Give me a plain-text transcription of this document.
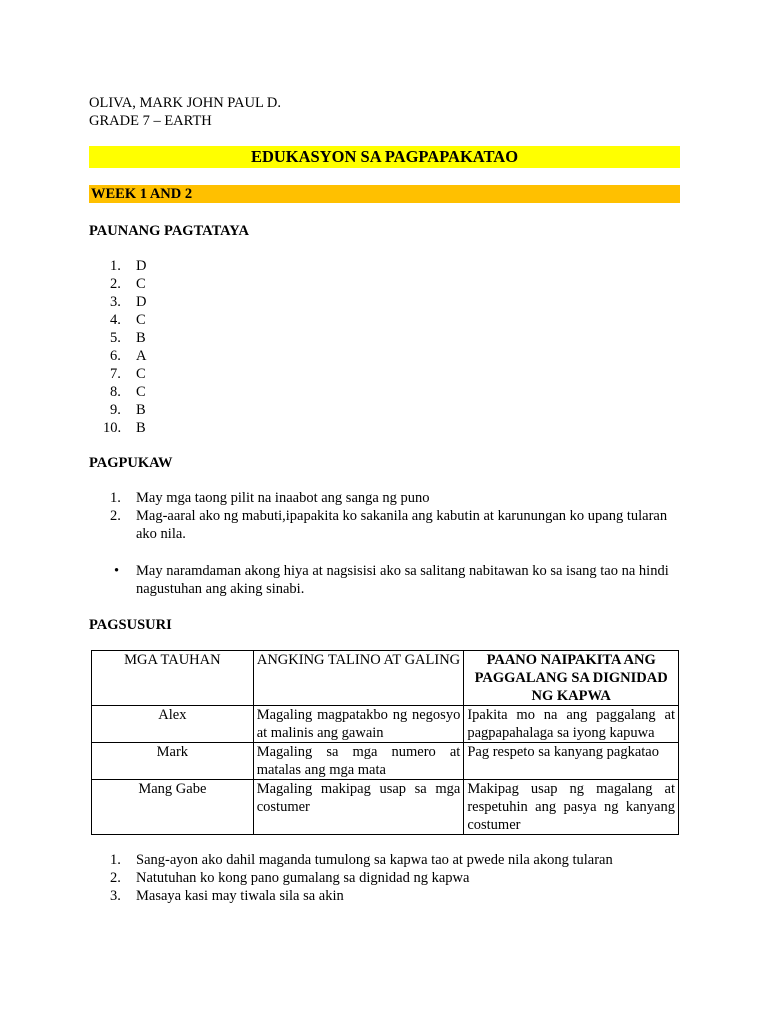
OLIVA, MARK JOHN PAUL D.
GRADE 7 – EARTH
EDUKASYON SA PAGPAPAKATAO
WEEK 1 AND 2
PAUNANG PAGTATAYA
1. D
2. C
3. D
4. C
5. B
6. A
7. C
8. C
9. B
10. B
PAGPUKAW
1. May mga taong pilit na inaabot ang sanga ng puno
2. Mag-aaral ako ng mabuti,ipapakita ko sakanila ang kabutin at karunungan ko upang tularan ako nila.
• May naramdaman akong hiya at nagsisisi ako sa salitang nabitawan ko sa isang tao na hindi nagustuhan ang aking sinabi.
PAGSUSURI
MGA TAUHAN	ANGKING TALINO AT GALING	PAANO NAIPAKITA ANG PAGGALANG SA DIGNIDAD NG KAPWA
Alex	Magaling magpatakbo ng negosyo at malinis ang gawain	Ipakita mo na ang paggalang at pagpapahalaga sa iyong kapuwa
Mark	Magaling sa mga numero at matalas ang mga mata	Pag respeto sa kanyang pagkatao
Mang Gabe	Magaling makipag usap sa mga costumer	Makipag usap ng magalang at respetuhin ang pasya ng kanyang costumer
1. Sang-ayon ako dahil maganda tumulong sa kapwa tao at pwede nila akong tularan
2. Natutuhan ko kong pano gumalang sa dignidad ng kapwa
3. Masaya kasi may tiwala sila sa akin
